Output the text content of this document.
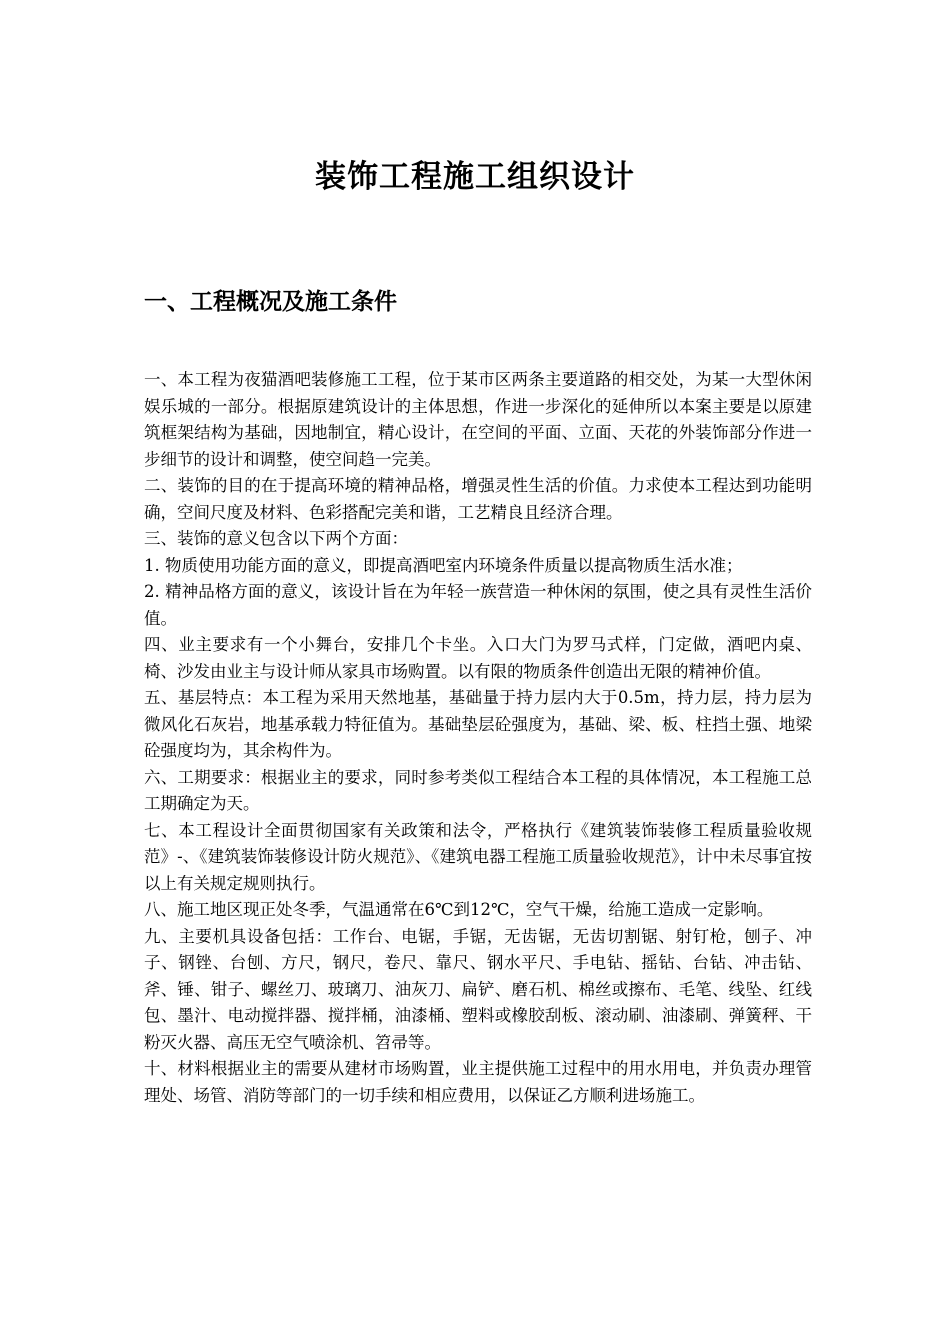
装饰工程施工组织设计
一、工程概况及施工条件

一、本工程为夜猫酒吧装修施工工程，位于某市区两条主要道路的相交处，为某一大型休闲娱乐城的一部分。根据原建筑设计的主体思想，作进一步深化的延伸所以本案主要是以原建筑框架结构为基础，因地制宜，精心设计，在空间的平面、立面、天花的外装饰部分作进一步细节的设计和调整，使空间趋一完美。

二、装饰的目的在于提高环境的精神品格，增强灵性生活的价值。力求使本工程达到功能明确，空间尺度及材料、色彩搭配完美和谐，工艺精良且经济合理。

三、装饰的意义包含以下两个方面：

1. 物质使用功能方面的意义，即提高酒吧室内环境条件质量以提高物质生活水准；

2. 精神品格方面的意义，该设计旨在为年轻一族营造一种休闲的氛围，使之具有灵性生活价值。

四、业主要求有一个小舞台，安排几个卡坐。入口大门为罗马式样，门定做，酒吧内桌、椅、沙发由业主与设计师从家具市场购置。以有限的物质条件创造出无限的精神价值。

五、基层特点：本工程为采用天然地基，基础量于持力层内大于0.5m，持力层，持力层为微风化石灰岩，地基承载力特征值为。基础垫层砼强度为，基础、梁、板、柱挡土强、地梁砼强度均为，其余构件为。

六、工期要求：根据业主的要求，同时参考类似工程结合本工程的具体情况，本工程施工总工期确定为天。

七、本工程设计全面贯彻国家有关政策和法令，严格执行《建筑装饰装修工程质量验收规范》-、《建筑装饰装修设计防火规范》、《建筑电器工程施工质量验收规范》，计中未尽事宜按以上有关规定规则执行。

八、施工地区现正处冬季，气温通常在6℃到12℃，空气干燥，给施工造成一定影响。

九、主要机具设备包括：工作台、电锯，手锯，无齿锯，无齿切割锯、射钉枪，刨子、冲子、钢锉、台刨、方尺，钢尺，卷尺、靠尺、钢水平尺、手电钻、摇钻、台钻、冲击钻、斧、锤、钳子、螺丝刀、玻璃刀、油灰刀、扁铲、磨石机、棉丝或擦布、毛笔、线坠、红线包、墨汁、电动搅拌器、搅拌桶，油漆桶、塑料或橡胶刮板、滚动刷、油漆刷、弹簧秤、干粉灭火器、高压无空气喷涂机、笤帚等。

十、材料根据业主的需要从建材市场购置，业主提供施工过程中的用水用电，并负责办理管理处、场管、消防等部门的一切手续和相应费用，以保证乙方顺利进场施工。
